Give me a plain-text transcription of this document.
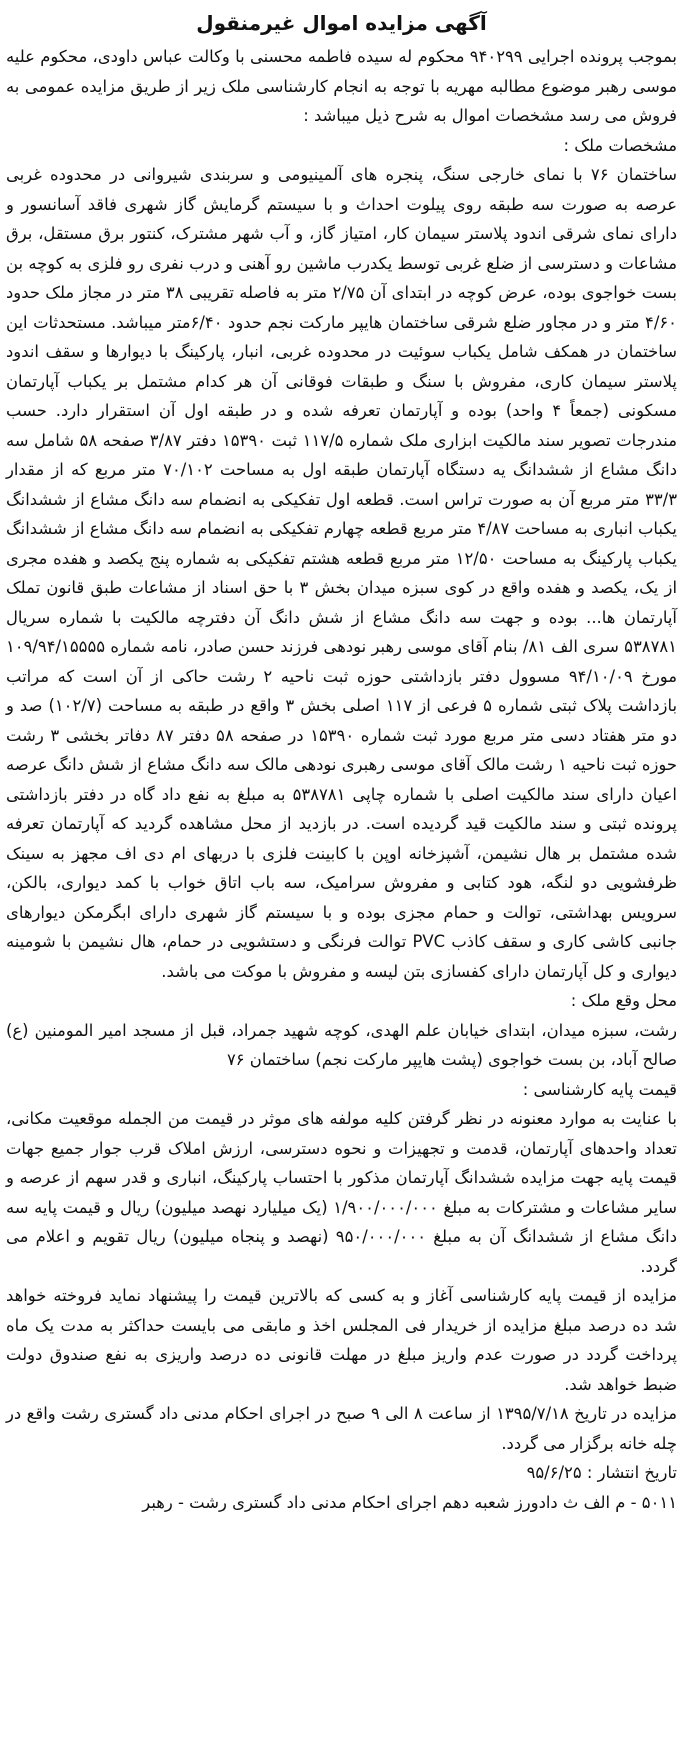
آگهی مزایده اموال غیرمنقول

بموجب پرونده اجرایی ۹۴۰۲۹۹ محکوم له سیده فاطمه محسنی با وکالت عباس داودی، محکوم علیه موسی رهبر موضوع مطالبه مهریه با توجه به انجام کارشناسی ملک زیر از طریق مزایده عمومی به فروش می رسد مشخصات اموال به شرح ذیل میباشد :

مشخصات ملک :

ساختمان ۷۶ با نمای خارجی سنگ، پنجره های آلمینیومی و سربندی شیروانی در محدوده غربی عرصه به صورت سه طبقه روی پیلوت احداث و با سیستم گرمایش گاز شهری فاقد آسانسور و دارای نمای شرقی اندود پلاستر سیمان کار، امتیاز گاز، و آب شهر مشترک، کنتور برق مستقل، برق مشاعات و دسترسی از ضلع غربی توسط یکدرب ماشین رو آهنی و درب نفری رو فلزی به کوچه بن بست خواجوی بوده، عرض کوچه در ابتدای آن ۲/۷۵ متر به فاصله تقریبی ۳۸ متر در مجاز ملک حدود ۴/۶۰ متر و در مجاور ضلع شرقی ساختمان هایپر مارکت نجم حدود ۶/۴۰متر میباشد. مستحدثات این ساختمان در همکف شامل یکباب سوئیت در محدوده غربی، انبار، پارکینگ با دیوارها و سقف اندود پلاستر سیمان کاری، مفروش با سنگ و طبقات فوقانی آن هر کدام مشتمل بر یکباب آپارتمان مسکونی (جمعاً ۴ واحد) بوده و آپارتمان تعرفه شده و در طبقه اول آن استقرار دارد. حسب مندرجات تصویر سند مالکیت ابزاری ملک شماره ۱۱۷/۵ ثبت ۱۵۳۹۰ دفتر ۳/۸۷ صفحه ۵۸ شامل سه دانگ مشاع از ششدانگ یه دستگاه آپارتمان طبقه اول به مساحت ۷۰/۱۰۲ متر مربع که از مقدار ۳۳/۳ متر مربع آن به صورت تراس است. قطعه اول تفکیکی به انضمام سه دانگ مشاع از ششدانگ یکباب انباری به مساحت ۴/۸۷ متر مربع قطعه چهارم تفکیکی به انضمام سه دانگ مشاع از ششدانگ یکباب پارکینگ به مساحت ۱۲/۵۰ متر مربع قطعه هشتم تفکیکی به شماره پنج یکصد و هفده مجری از یک، یکصد و هفده واقع در کوی سبزه میدان بخش ۳ با حق اسناد از مشاعات طبق قانون تملک آپارتمان ها... بوده و جهت سه دانگ مشاع از شش دانگ آن دفترچه مالکیت با شماره سریال ۵۳۸۷۸۱ سری الف ۸۱/ بنام آقای موسی رهبر نودهی فرزند حسن صادر، نامه شماره ۱۰۹/۹۴/۱۵۵۵۵ مورخ ۹۴/۱۰/۰۹ مسوول دفتر بازداشتی حوزه ثبت ناحیه ۲ رشت حاکی از آن است که مراتب بازداشت پلاک ثبتی شماره ۵ فرعی از ۱۱۷ اصلی بخش ۳ واقع در طبقه به مساحت (۱۰۲/۷) صد و دو متر هفتاد دسی متر مربع مورد ثبت شماره ۱۵۳۹۰ در صفحه ۵۸ دفتر ۸۷ دفاتر بخشی ۳ رشت حوزه ثبت ناحیه ۱ رشت مالک آقای موسی رهبری نودهی مالک سه دانگ مشاع از شش دانگ عرصه اعیان دارای سند مالکیت اصلی با شماره چاپی ۵۳۸۷۸۱ به مبلغ به نفع داد گاه در دفتر بازداشتی پرونده ثبتی و سند مالکیت قید گردیده است. در بازدید از محل مشاهده گردید که آپارتمان تعرفه شده مشتمل بر هال نشیمن، آشپزخانه اوپن با کابینت فلزی با دربهای ام دی اف مجهز به سینک ظرفشویی دو لنگه، هود کتابی و مفروش سرامیک، سه باب اتاق خواب با کمد دیواری، بالکن، سرویس بهداشتی، توالت و حمام مجزی بوده و با سیستم گاز شهری دارای ابگرمکن دیوارهای جانبی کاشی کاری و سقف کاذب PVC توالت فرنگی و دستشویی در حمام، هال نشیمن با شومینه دیواری و کل آپارتمان دارای کفسازی بتن لیسه و مفروش با موکت می باشد.

محل وقع ملک :

رشت، سبزه میدان، ابتدای خیابان علم الهدی، کوچه شهید جمراد، قبل از مسجد امیر المومنین (ع) صالح آباد، بن بست خواجوی (پشت هایپر مارکت نجم) ساختمان ۷۶

قیمت پایه کارشناسی :

با عنایت به موارد معنونه در نظر گرفتن کلیه مولفه های موثر در قیمت من الجمله موقعیت مکانی، تعداد واحدهای آپارتمان، قدمت و تجهیزات و نحوه دسترسی، ارزش املاک قرب جوار جمیع جهات قیمت پایه جهت مزایده ششدانگ آپارتمان مذکور با احتساب پارکینگ، انباری و قدر سهم از عرصه و سایر مشاعات و مشترکات به مبلغ ۱/۹۰۰/۰۰۰/۰۰۰ (یک میلیارد نهصد میلیون) ریال و قیمت پایه سه دانگ مشاع از ششدانگ آن به مبلغ ۹۵۰/۰۰۰/۰۰۰ (نهصد و پنجاه میلیون) ریال تقویم و اعلام می گردد.

مزایده از قیمت پایه کارشناسی آغاز و به کسی که بالاترین قیمت را پیشنهاد نماید فروخته خواهد شد ده درصد مبلغ مزایده از خریدار فی المجلس اخذ و مابقی می بایست حداکثر به مدت یک ماه پرداخت گردد در صورت عدم واریز مبلغ در مهلت قانونی ده درصد واریزی به نفع صندوق دولت ضبط خواهد شد.

مزایده در تاریخ ۱۳۹۵/۷/۱۸ از ساعت ۸ الی ۹ صبح در اجرای احکام مدنی داد گستری رشت واقع در چله خانه برگزار می گردد.

تاریخ انتشار : ۹۵/۶/۲۵

۵۰۱۱ - م الف ث دادورز شعبه دهم اجرای احکام مدنی داد گستری رشت - رهبر
